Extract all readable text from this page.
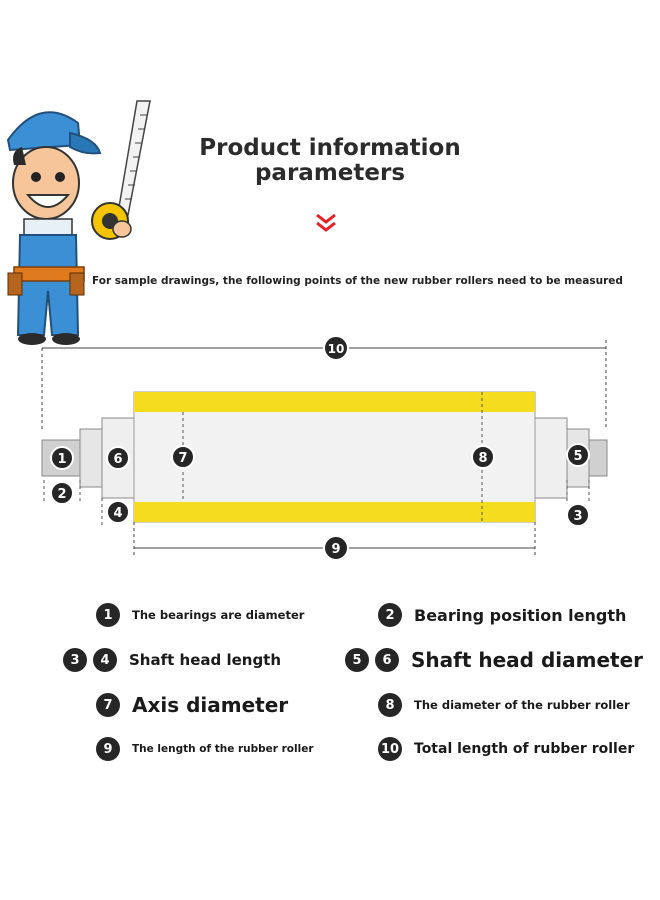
Product information
parameters
For sample drawings, the following points of the new rubber rollers need to be measured
10
1
2
6
4
7	8	5
3
9
1	The bearings are diameter	2	Bearing position length
3	4	Shaft head length	5	6 Shaft head diameter
7 Axis diameter	8	The diameter of the rubber roller
9	The length of the rubber roller	10 Total length of rubber roller
